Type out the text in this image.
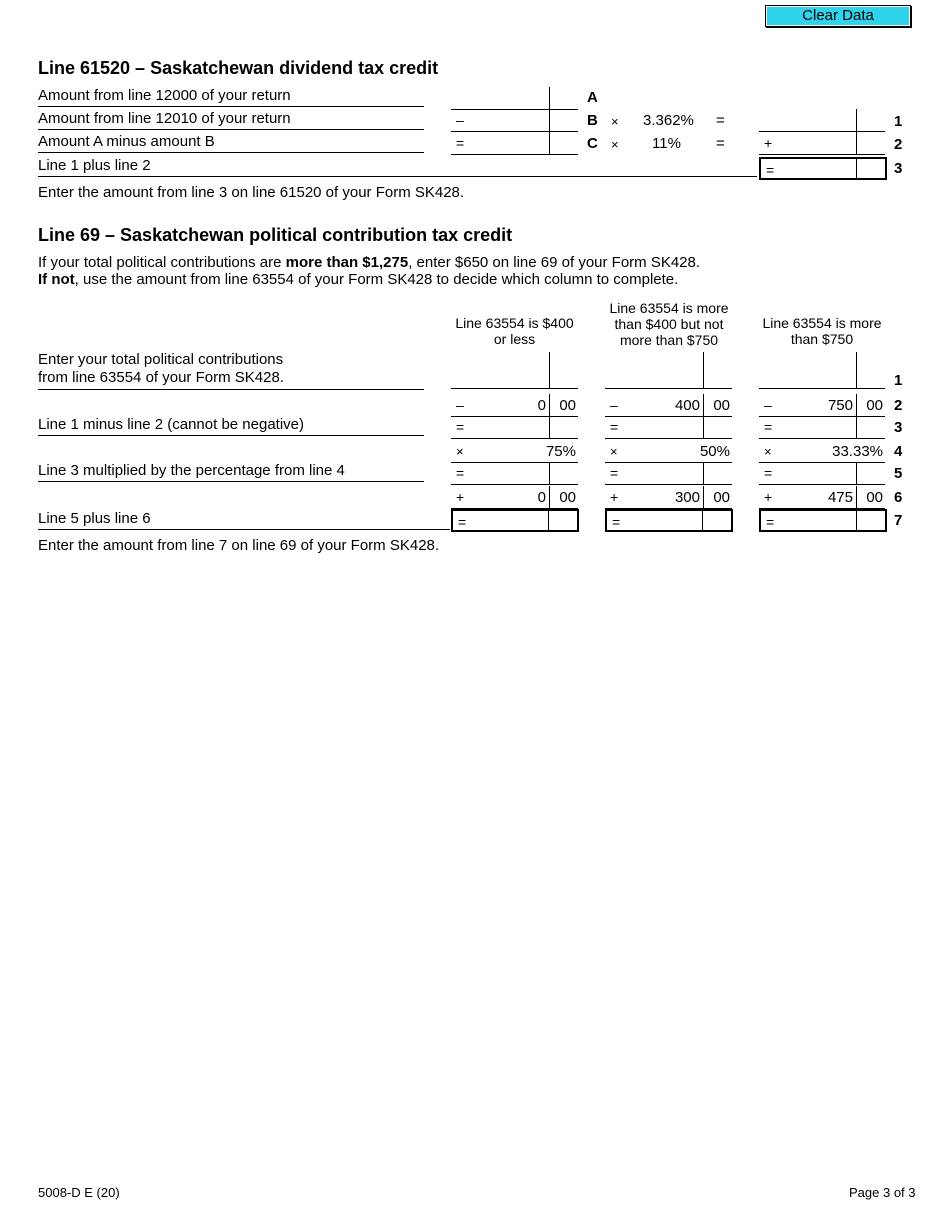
Clear Data
Line 61520 – Saskatchewan dividend tax credit
Amount from line 12000 of your return	A
Amount from line 12010 of your return	–	B × 3.362% =	1
Amount A minus amount B	=	C × 11% =	+	2
Line 1 plus line 2	=	3
Enter the amount from line 3 on line 61520 of your Form SK428.
Line 69 – Saskatchewan political contribution tax credit
If your total political contributions are more than $1,275, enter $650 on line 69 of your Form SK428.
If not, use the amount from line 63554 of your Form SK428 to decide which column to complete.
Line 63554 is $400 or less
Line 63554 is more than $400 but not more than $750
Line 63554 is more than $750
Enter your total political contributions
from line 63554 of your Form SK428.	1
–	0 00 –	400 00 –	750 00 2
Line 1 minus line 2 (cannot be negative)	=	=	=	3
×	75%	×	50%	×	33.33% 4
Line 3 multiplied by the percentage from line 4	=	=	=	5
+	0 00 +	300 00 +	475 00 6
Line 5 plus line 6	=	=	=	7
Enter the amount from line 7 on line 69 of your Form SK428.
5008-D E (20)	Page 3 of 3
